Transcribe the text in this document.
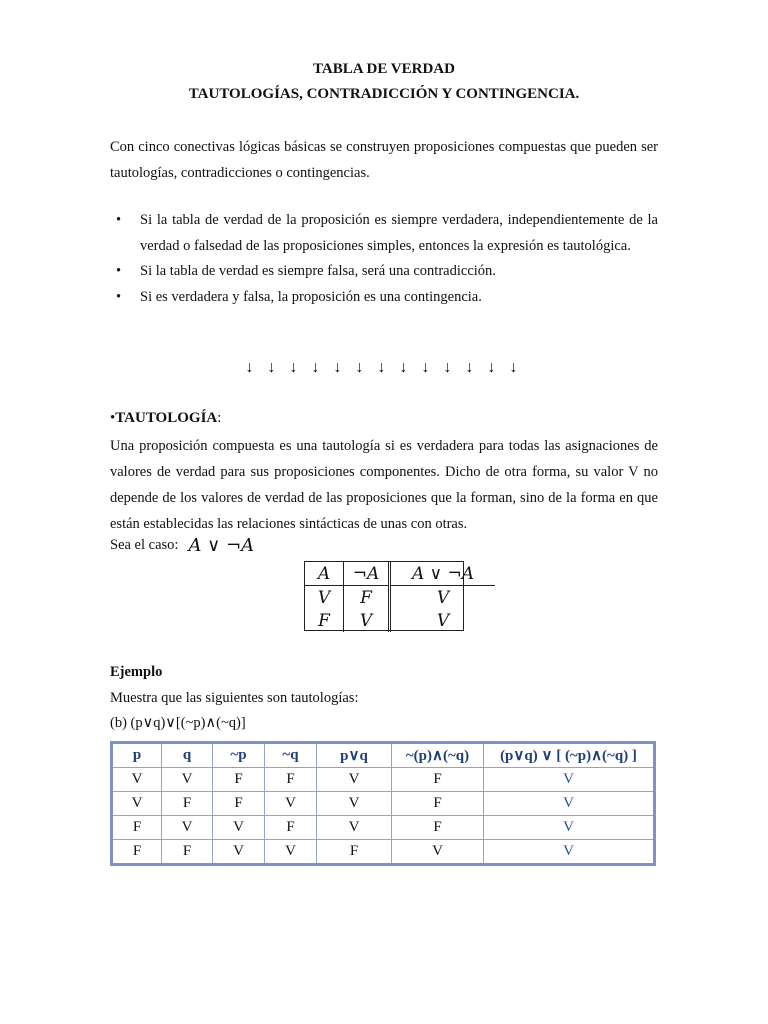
TABLA DE VERDAD
TAUTOLOGÍAS, CONTRADICCIÓN Y CONTINGENCIA.
Con cinco conectivas lógicas básicas se construyen proposiciones compuestas que pueden ser tautologías, contradicciones o contingencias.
• Si la tabla de verdad de la proposición es siempre verdadera, independientemente de la verdad o falsedad de las proposiciones simples, entonces la expresión es tautológica.
• Si la tabla de verdad es siempre falsa, será una contradicción.
• Si es verdadera y falsa, la proposición es una contingencia.
↓ ↓ ↓ ↓ ↓ ↓ ↓ ↓ ↓ ↓ ↓ ↓ ↓
•TAUTOLOGÍA:
Una proposición compuesta es una tautología si es verdadera para todas las asignaciones de valores de verdad para sus proposiciones componentes. Dicho de otra forma, su valor V no depende de los valores de verdad de las proposiciones que la forman, sino de la forma en que están establecidas las relaciones sintácticas de unas con otras.
Sea el caso: A ∨ ¬A
A	¬A	A ∨ ¬A
V	F	V
F	V	V
Ejemplo
Muestra que las siguientes son tautologías:
(b) (p∨q)∨[(~p)∧(~q)]
p	q	~p	~q	p∨q	~(p)∧(~q)	(p∨q) ∨ [ (~p)∧(~q) ]
V	V	F	F	V	F	V
V	F	F	V	V	F	V
F	V	V	F	V	F	V
F	F	V	V	F	V	V
